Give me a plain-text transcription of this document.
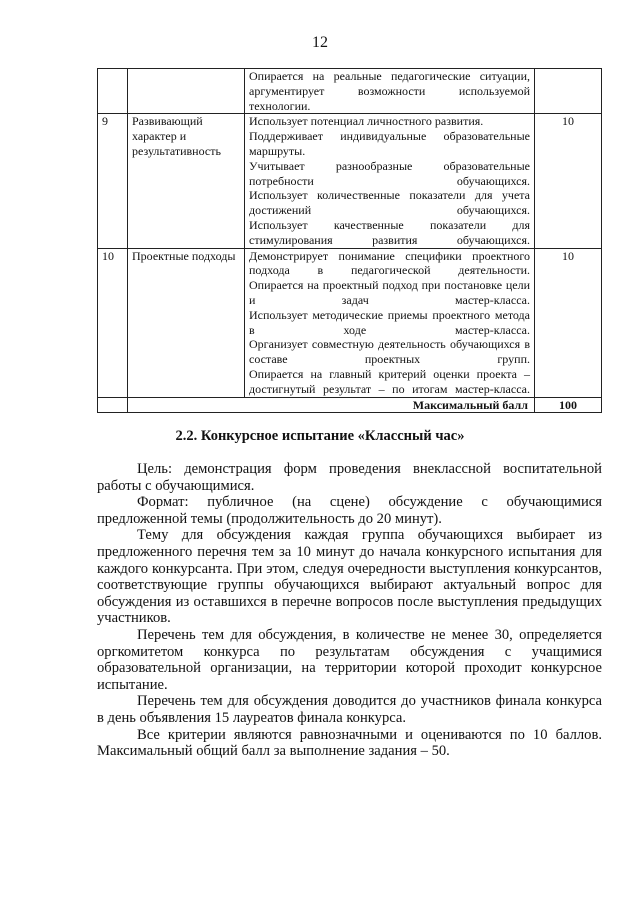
12

		Опирается на реальные педагогические ситуации, аргументирует возможности используемой технологии.	

9	Развивающий характер и результативность	Использует потенциал личностного развития.
Поддерживает индивидуальные образовательные маршруты.
Учитывает разнообразные образовательные потребности обучающихся.
Использует количественные показатели для учета достижений обучающихся.
Использует качественные показатели для стимулирования развития обучающихся.	10
10	Проектные подходы	Демонстрирует понимание специфики проектного подхода в педагогической деятельности.
Опирается на проектный подход при постановке цели и задач мастер-класса.
Использует методические приемы проектного метода в ходе мастер-класса.
Организует совместную деятельность обучающихся в составе проектных групп.
Опирается на главный критерий оценки проекта – достигнутый результат – по итогам мастер-класса.	10
	Максимальный балл		100
2.2. Конкурсное испытание «Классный час»

Цель: демонстрация форм проведения внеклассной воспитательной работы с обучающимися.

Формат: публичное (на сцене) обсуждение с обучающимися предложенной темы (продолжительность до 20 минут).

Тему для обсуждения каждая группа обучающихся выбирает из предложенного перечня тем за 10 минут до начала конкурсного испытания для каждого конкурсанта. При этом, следуя очередности выступления конкурсантов, соответствующие группы обучающихся выбирают актуальный вопрос для обсуждения из оставшихся в перечне вопросов после выступления предыдущих участников.

Перечень тем для обсуждения, в количестве не менее 30, определяется оргкомитетом конкурса по результатам обсуждения с учащимися образовательной организации, на территории которой проходит конкурсное испытание.

Перечень тем для обсуждения доводится до участников финала конкурса в день объявления 15 лауреатов финала конкурса.

Все критерии являются равнозначными и оцениваются по 10 баллов. Максимальный общий балл за выполнение задания – 50.
